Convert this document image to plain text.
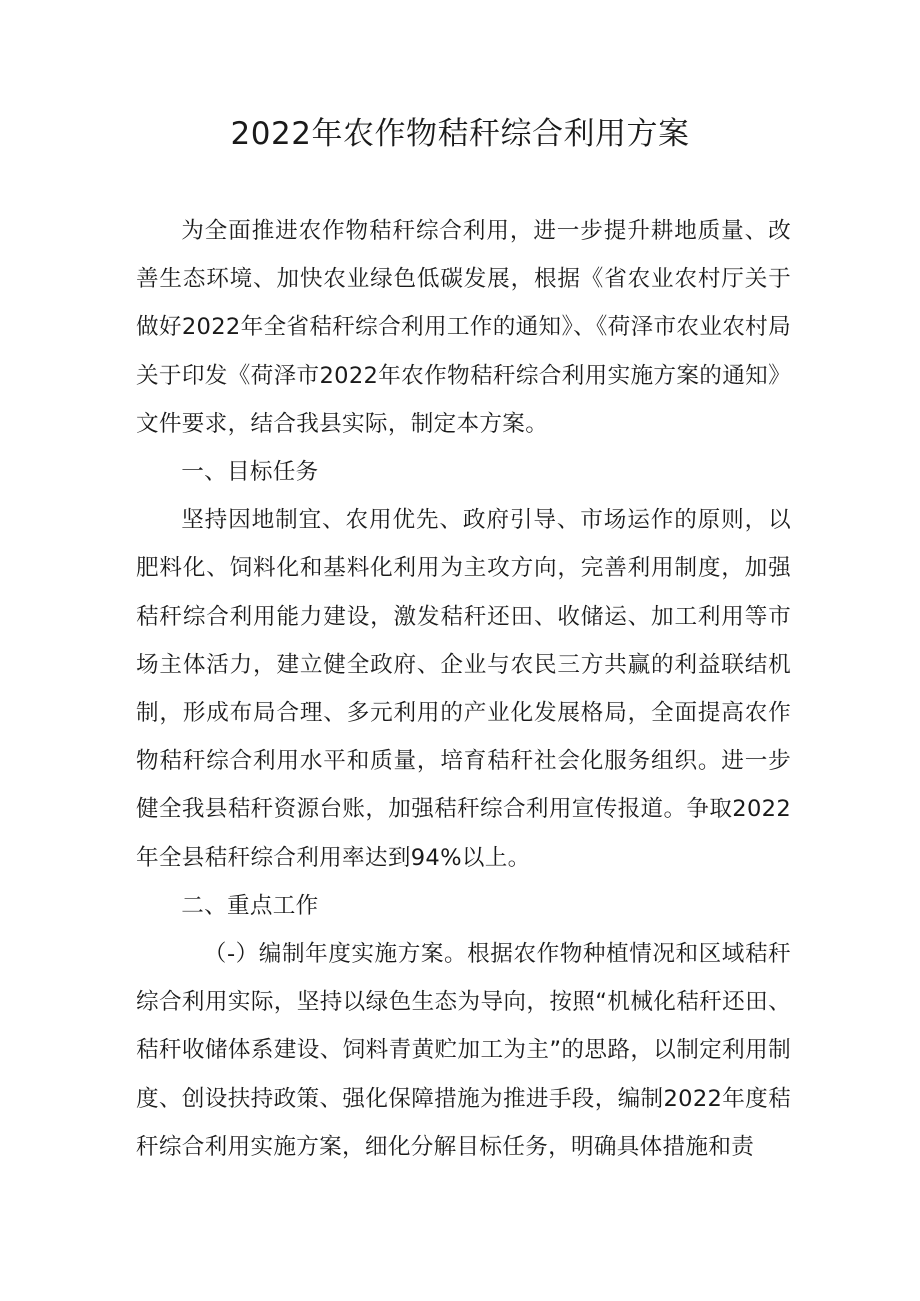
2022年农作物秸秆综合利用方案

为全面推进农作物秸秆综合利用，进一步提升耕地质量、改善生态环境、加快农业绿色低碳发展，根据《省农业农村厅关于做好2022年全省秸秆综合利用工作的通知》、《荷泽市农业农村局关于印发《荷泽市2022年农作物秸秆综合利用实施方案的通知》文件要求，结合我县实际，制定本方案。

一、目标任务

坚持因地制宜、农用优先、政府引导、市场运作的原则，以肥料化、饲料化和基料化利用为主攻方向，完善利用制度，加强秸秆综合利用能力建设，激发秸秆还田、收储运、加工利用等市场主体活力，建立健全政府、企业与农民三方共赢的利益联结机制，形成布局合理、多元利用的产业化发展格局，全面提高农作物秸秆综合利用水平和质量，培育秸秆社会化服务组织。进一步健全我县秸秆资源台账，加强秸秆综合利用宣传报道。争取2022年全县秸秆综合利用率达到94%以上。

二、重点工作

（-）编制年度实施方案。根据农作物种植情况和区域秸秆综合利用实际，坚持以绿色生态为导向，按照“机械化秸秆还田、秸秆收储体系建设、饲料青黄贮加工为主”的思路，以制定利用制度、创设扶持政策、强化保障措施为推进手段，编制2022年度秸秆综合利用实施方案，细化分解目标任务，明确具体措施和责
